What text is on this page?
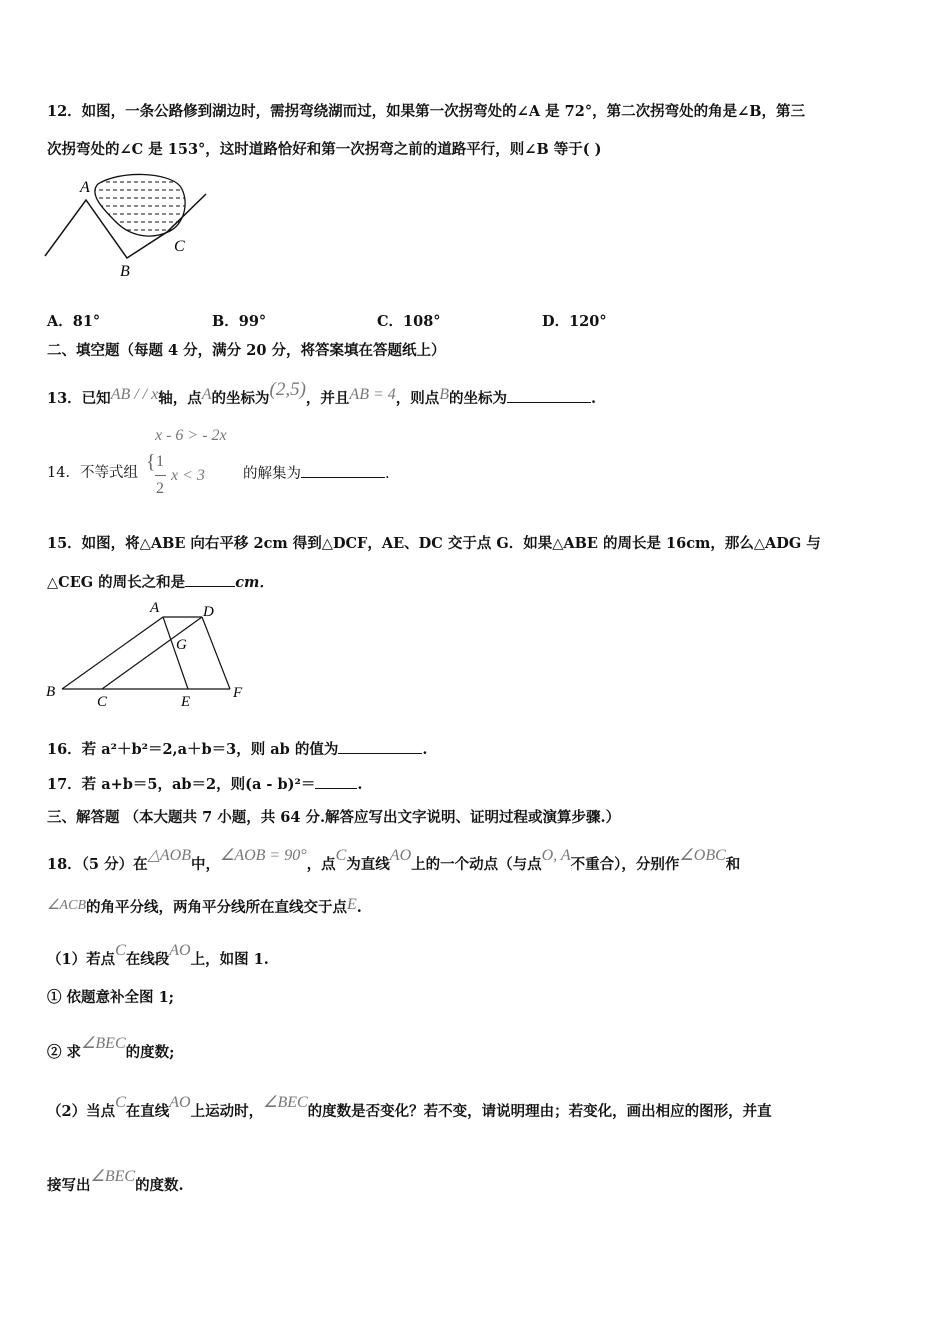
12．如图，一条公路修到湖边时，需拐弯绕湖而过，如果第一次拐弯处的∠A 是 72°，第二次拐弯处的角是∠B，第三
次拐弯处的∠C 是 153°，这时道路恰好和第一次拐弯之前的道路平行，则∠B 等于( )
A
B
C
A．81°	B．99°	C．108°	D．120°
二、填空题（每题 4 分，满分 20 分，将答案填在答题纸上）
13．已知AB / / x轴，点A的坐标为(2,5)，并且AB = 4，则点B的坐标为	.
x - 6 > - 2x
14．不等式组 { 1
2
x < 3	的解集为	.
15．如图，将△ABE 向右平移 2cm 得到△DCF，AE、DC 交于点 G．如果△ABE 的周长是 16cm，那么△ADG 与
△CEG 的周长之和是	cm．
A	D
G
B
C	E
F
16．若 a²＋b²＝2,a＋b＝3，则 ab 的值为	.
17．若 a+b＝5，ab＝2，则(a - b)²＝	.
三、解答题 （本大题共 7 小题，共 64 分.解答应写出文字说明、证明过程或演算步骤.）
18．（5 分）在△AOB中，∠AOB = 90°，点C为直线AO上的一个动点（与点O, A不重合），分别作∠OBC和
∠ACB的角平分线，两角平分线所在直线交于点E.
（1）若点C在线段AO上，如图 1.
① 依题意补全图 1;
② 求∠BEC的度数;
（2）当点C在直线AO上运动时，∠BEC的度数是否变化？若不变，请说明理由；若变化，画出相应的图形，并直
接写出∠BEC的度数.
